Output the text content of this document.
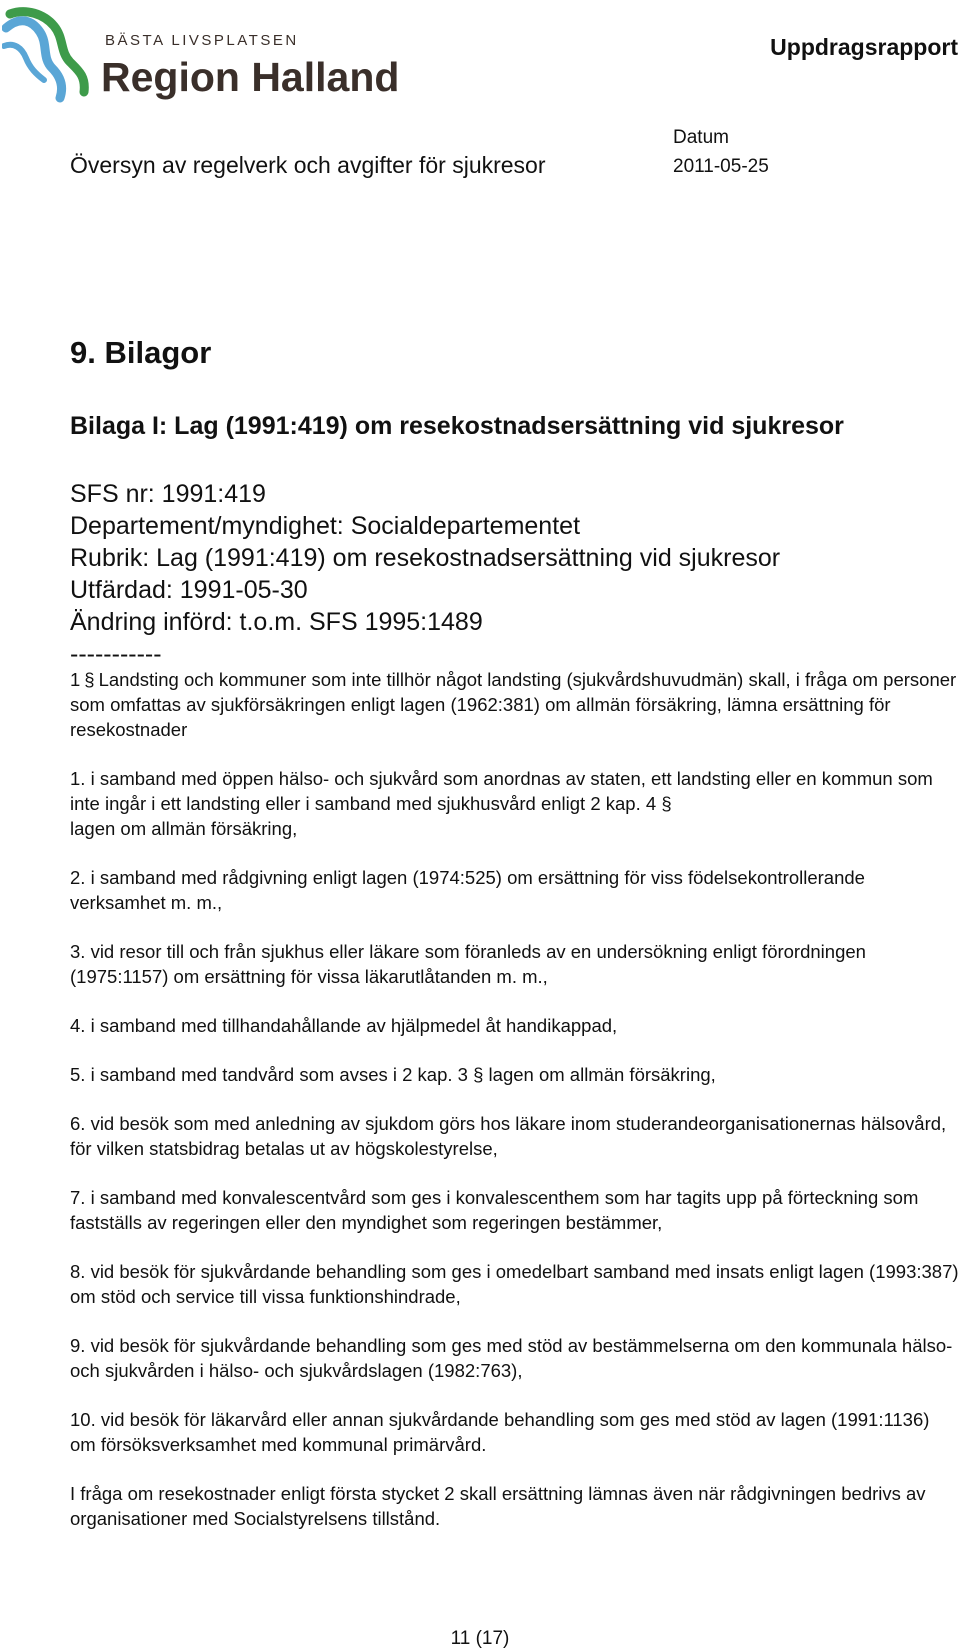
BÄSTA LIVSPLATSEN
Region Halland
Uppdragsrapport
Översyn av regelverk och avgifter för sjukresor
Datum
2011-05-25
9. Bilagor
Bilaga I: Lag (1991:419) om resekostnadsersättning vid sjukresor
SFS nr: 1991:419
Departement/myndighet: Socialdepartementet
Rubrik: Lag (1991:419) om resekostnadsersättning vid sjukresor
Utfärdad: 1991-05-30
Ändring införd: t.o.m. SFS 1995:1489
-----------

1 § Landsting och kommuner som inte tillhör något landsting (sjukvårdshuvudmän) skall, i fråga om personer som omfattas av sjukförsäkringen enligt lagen (1962:381) om allmän försäkring, lämna ersättning för resekostnader

1. i samband med öppen hälso- och sjukvård som anordnas av staten, ett landsting eller en kommun som inte ingår i ett landsting eller i samband med sjukhusvård enligt 2 kap. 4 §
lagen om allmän försäkring,

2. i samband med rådgivning enligt lagen (1974:525) om ersättning för viss födelsekontrollerande verksamhet m. m.,

3. vid resor till och från sjukhus eller läkare som föranleds av en undersökning enligt förordningen (1975:1157) om ersättning för vissa läkarutlåtanden m. m.,

4. i samband med tillhandahållande av hjälpmedel åt handikappad,

5. i samband med tandvård som avses i 2 kap. 3 § lagen om allmän försäkring,

6. vid besök som med anledning av sjukdom görs hos läkare inom studerandeorganisationernas hälsovård, för vilken statsbidrag betalas ut av högskolestyrelse,

7. i samband med konvalescentvård som ges i konvalescenthem som har tagits upp på förteckning som fastställs av regeringen eller den myndighet som regeringen bestämmer,

8. vid besök för sjukvårdande behandling som ges i omedelbart samband med insats enligt lagen (1993:387) om stöd och service till vissa funktionshindrade,

9. vid besök för sjukvårdande behandling som ges med stöd av bestämmelserna om den kommunala hälso- och sjukvården i hälso- och sjukvårdslagen (1982:763),

10. vid besök för läkarvård eller annan sjukvårdande behandling som ges med stöd av lagen (1991:1136) om försöksverksamhet med kommunal primärvård.

I fråga om resekostnader enligt första stycket 2 skall ersättning lämnas även när rådgivningen bedrivs av organisationer med Socialstyrelsens tillstånd.

11 (17)
